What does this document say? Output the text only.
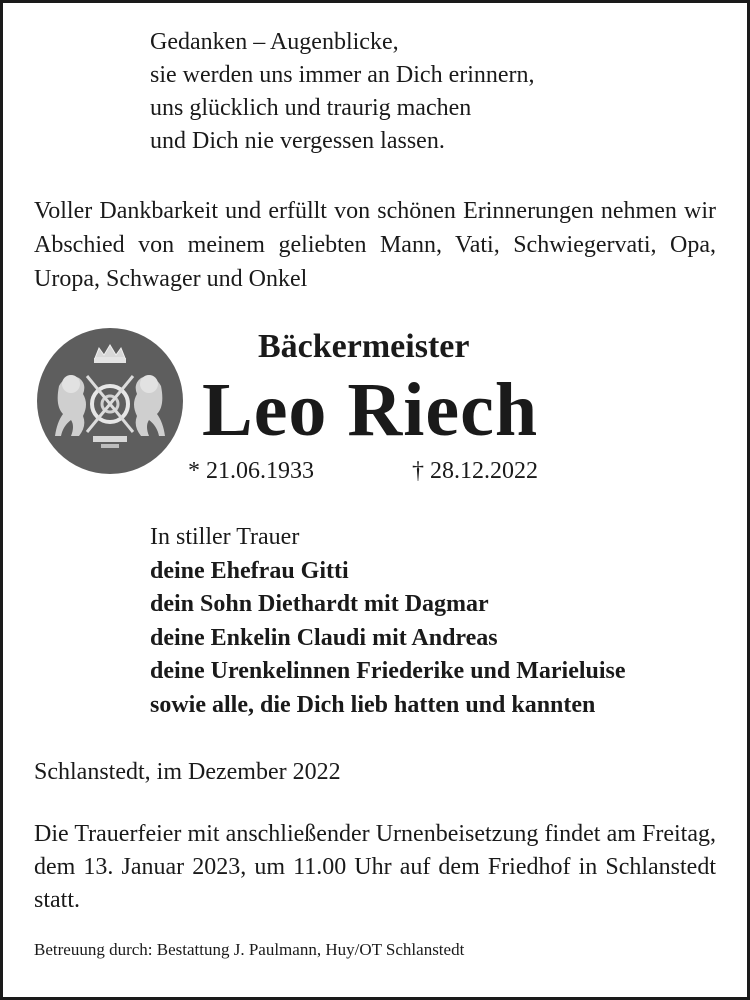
Gedanken – Augenblicke,
sie werden uns immer an Dich erinnern,
uns glücklich und traurig machen
und Dich nie vergessen lassen.
Voller Dankbarkeit und erfüllt von schönen Erinnerungen nehmen wir Abschied von meinem geliebten Mann, Vati, Schwiegervati, Opa, Uropa, Schwager und Onkel
Bäckermeister
Leo Riech
* 21.06.1933	† 28.12.2022
In stiller Trauer
deine Ehefrau Gitti
dein Sohn Diethardt mit Dagmar
deine Enkelin Claudi mit Andreas
deine Urenkelinnen Friederike und Marieluise
sowie alle, die Dich lieb hatten und kannten
Schlanstedt, im Dezember 2022
Die Trauerfeier mit anschließender Urnenbeisetzung findet am Freitag, dem 13. Januar 2023, um 11.00 Uhr auf dem Friedhof in Schlanstedt statt.
Betreuung durch: Bestattung J. Paulmann, Huy/OT Schlanstedt
